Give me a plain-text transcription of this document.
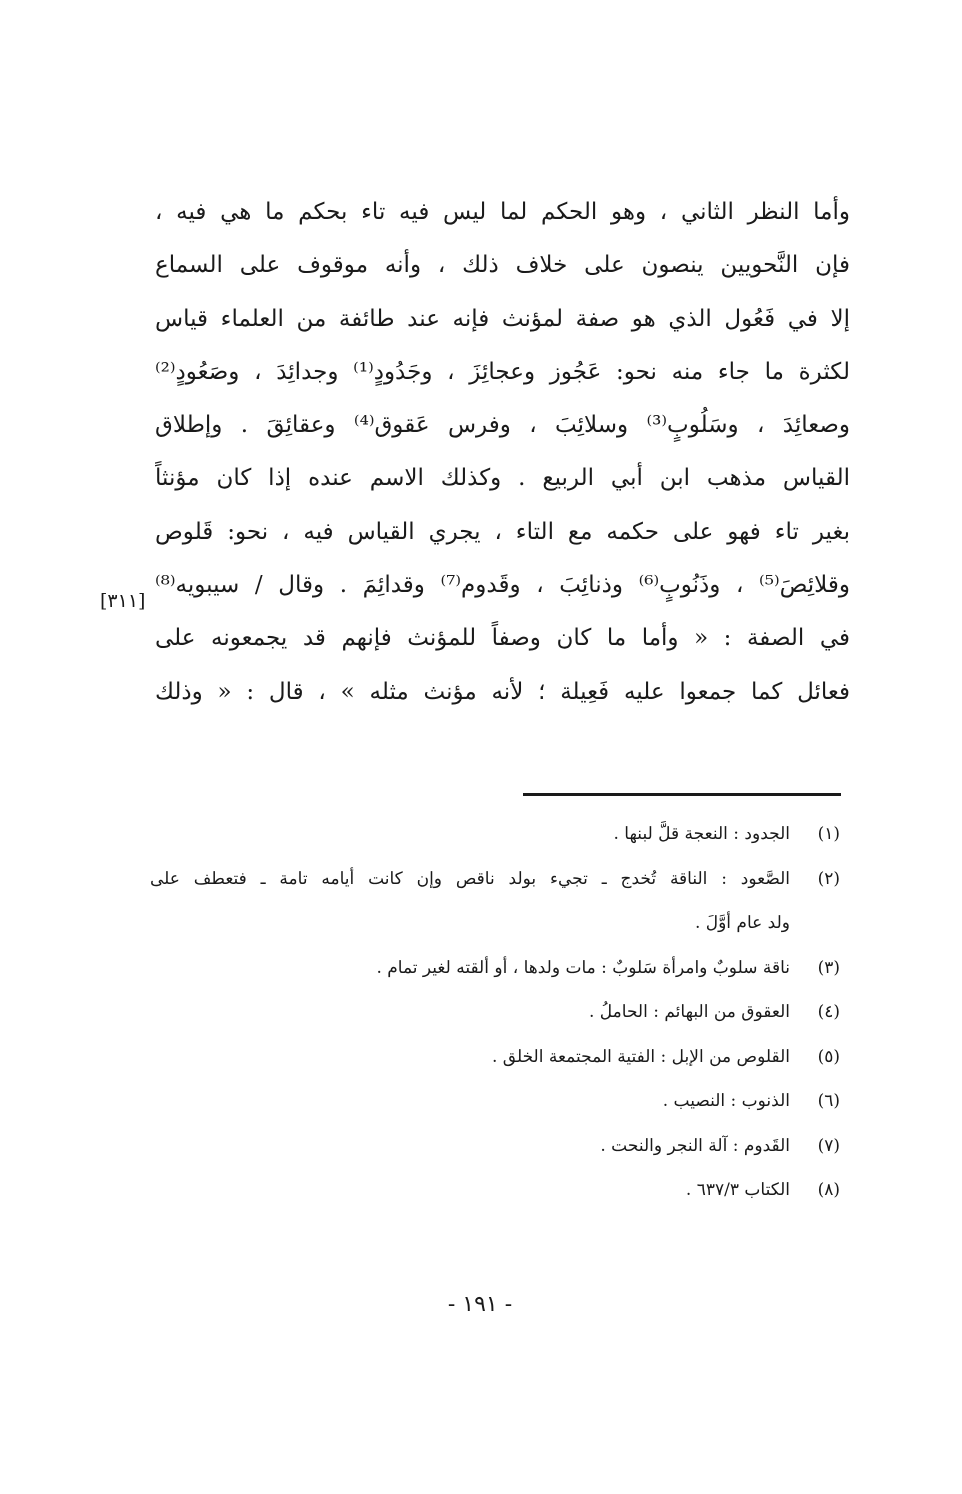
وأما النظر الثاني ، وهو الحكم لما ليس فيه تاء بحكم ما هي فيه ،
فإن النَّحويين ينصون على خلاف ذلك ، وأنه موقوف على السماع
إلا في فَعُول الذي هو صفة لمؤنث فإنه عند طائفة من العلماء قياس
لكثرة ما جاء منه نحو: عَجُوز وعجائِزَ ، وجَدُودٍ⁽¹⁾ وجدائِدَ ، وصَعُودٍ⁽²⁾
وصعائِدَ ، وسَلُوبٍ⁽³⁾ وسلائِبَ ، وفرس عَقوق⁽⁴⁾ وعقائِقَ . وإطلاق
القياس مذهب ابن أبي الربيع . وكذلك الاسم عنده إذا كان مؤنثاً
بغير تاء فهو على حكمه مع التاء ، يجري القياس فيه ، نحو: قَلوص
وقلائِصَ⁽⁵⁾ ، وذَنُوبٍ⁽⁶⁾ وذنائِبَ ، وقَدوم⁽⁷⁾ وقدائِمَ . وقال / سيبويه⁽⁸⁾
في الصفة : « وأما ما كان وصفاً للمؤنث فإنهم قد يجمعونه على
فعائل كما جمعوا عليه فَعِيلة ؛ لأنه مؤنث مثله » ، قال : « وذلك
[٣١١]
(١)
الجدود : النعجة قلَّ لبنها .
(٢)
الصَّعود : الناقة تُخدج ـ تجيء بولد ناقص وإن كانت أيامه تامة ـ فتعطف على
ولد عام أوَّلَ .
(٣)
ناقة سلوبٌ وامرأة سَلوبٌ : مات ولدها ، أو ألقته لغير تمام .
(٤)
العقوق من البهائم : الحاملُ .
(٥)
القلوص من الإبل : الفتية المجتمعة الخلق .
(٦)
الذنوب : النصيب .
(٧)
القَدوم : آلة النجر والنحت .
(٨)
الكتاب ٦٣٧/٣ .
- ١٩١ -
